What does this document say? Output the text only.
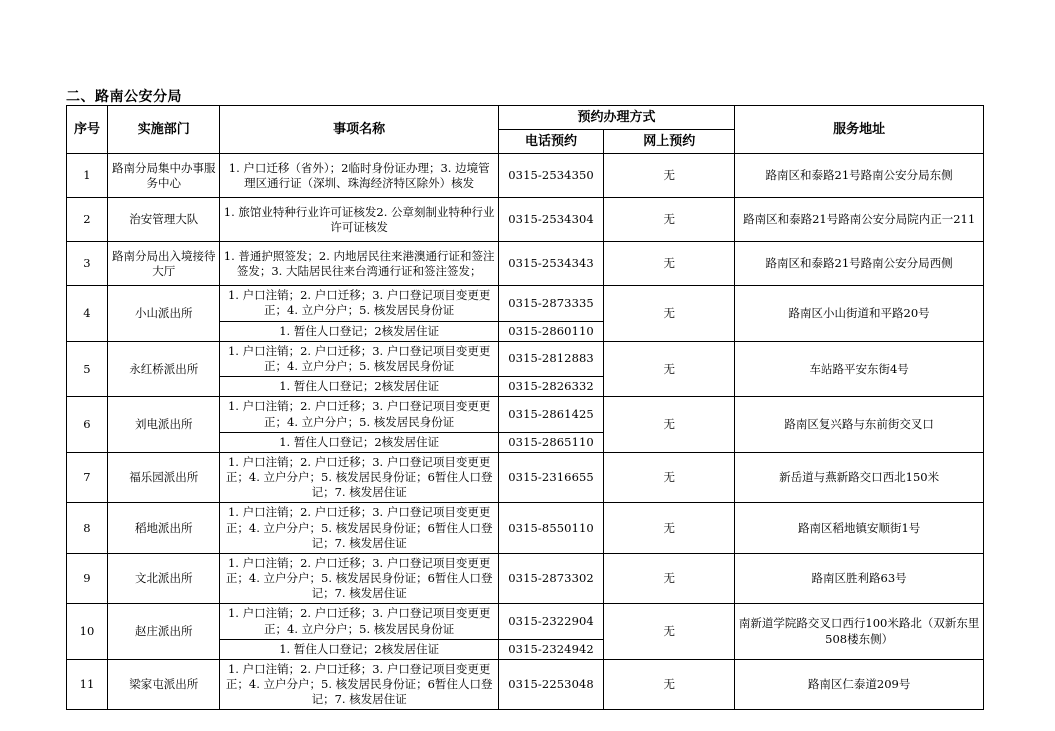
二、路南公安分局
序号	实施部门	事项名称	预约办理方式		服务地址
			电话预约	网上预约	
1	路南分局集中办事服务中心	1. 户口迁移（省外）；2临时身份证办理；3. 边境管理区通行证（深圳、珠海经济特区除外）核发	0315-2534350	无	路南区和泰路21号路南公安分局东侧
2	治安管理大队	1. 旅馆业特种行业许可证核发2. 公章刻制业特种行业许可证核发	0315-2534304	无	路南区和泰路21号路南公安分局院内正一211
3	路南分局出入境接待大厅	1. 普通护照签发；2. 内地居民往来港澳通行证和签注签发；3. 大陆居民往来台湾通行证和签注签发；	0315-2534343	无	路南区和泰路21号路南公安分局西侧
4	小山派出所	1. 户口注销；2. 户口迁移；3. 户口登记项目变更更正；4. 立户分户；5. 核发居民身份证	0315-2873335	无	路南区小山街道和平路20号
		1. 暂住人口登记；2核发居住证	0315-2860110		
5	永红桥派出所	1. 户口注销；2. 户口迁移；3. 户口登记项目变更更正；4. 立户分户；5. 核发居民身份证	0315-2812883	无	车站路平安东街4号
		1. 暂住人口登记；2核发居住证	0315-2826332		
6	刘电派出所	1. 户口注销；2. 户口迁移；3. 户口登记项目变更更正；4. 立户分户；5. 核发居民身份证	0315-2861425	无	路南区复兴路与东前街交叉口
		1. 暂住人口登记；2核发居住证	0315-2865110		
7	福乐园派出所	1. 户口注销；2. 户口迁移；3. 户口登记项目变更更正；4. 立户分户；5. 核发居民身份证；6暂住人口登记；7. 核发居住证	0315-2316655	无	新岳道与燕新路交口西北150米
8	稻地派出所	1. 户口注销；2. 户口迁移；3. 户口登记项目变更更正；4. 立户分户；5. 核发居民身份证；6暂住人口登记；7. 核发居住证	0315-8550110	无	路南区稻地镇安顺街1号
9	文北派出所	1. 户口注销；2. 户口迁移；3. 户口登记项目变更更正；4. 立户分户；5. 核发居民身份证；6暂住人口登记；7. 核发居住证	0315-2873302	无	路南区胜利路63号
10	赵庄派出所	1. 户口注销；2. 户口迁移；3. 户口登记项目变更更正；4. 立户分户；5. 核发居民身份证	0315-2322904	无	南新道学院路交叉口西行100米路北（双新东里508楼东侧）
		1. 暂住人口登记；2核发居住证	0315-2324942		
11	梁家屯派出所	1. 户口注销；2. 户口迁移；3. 户口登记项目变更更正；4. 立户分户；5. 核发居民身份证；6暂住人口登记；7. 核发居住证	0315-2253048	无	路南区仁泰道209号
